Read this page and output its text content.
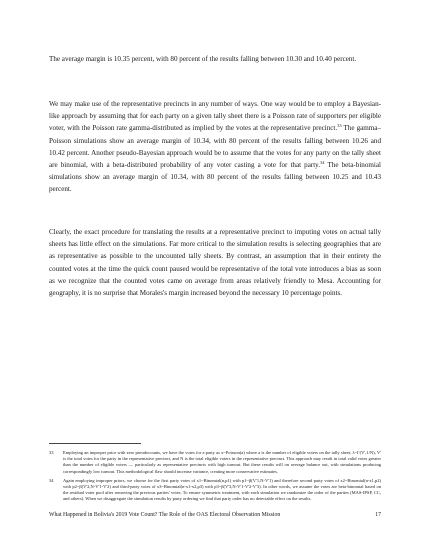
The average margin is 10.35 percent, with 80 percent of the results falling between 10.30 and 10.40 percent.

We may make use of the representative precincts in any number of ways. One way would be to employ a Bayesian-like approach by assuming that for each party on a given tally sheet there is a Poisson rate of supporters per eligible voter, with the Poisson rate gamma-distributed as implied by the votes at the representative precinct.$^{33}$ The gamma–Poisson simulations show an average margin of 10.34, with 80 percent of the results falling between 10.26 and 10.42 percent. Another pseudo-Bayesian approach would be to assume that the votes for any party on the tally sheet are binomial, with a beta-distributed probability of any voter casting a vote for that party.$^{34}$ The beta-binomial simulations show an average margin of 10.34, with 80 percent of the results falling between 10.25 and 10.43 percent.

Clearly, the exact procedure for translating the results at a representative precinct to imputing votes on actual tally sheets has little effect on the simulations. Far more critical to the simulation results is selecting geographies that are as representative as possible to the uncounted tally sheets. By contrast, an assumption that in their entirety the counted votes at the time the quick count paused would be representative of the total vote introduces a bias as soon as we recognize that the counted votes came on average from areas relatively friendly to Mesa. Accounting for geography, it is no surprise that Morales's margin increased beyond the necessary 10 percentage points.

33	Employing an improper prior with zero pseudocounts, we have the votes for a party as x~Poisson(a) where a is the number of eligible voters on the tally sheet, λ~Γ(V',1/N), V' is the total votes for the party in the representative precinct, and N is the total eligible voters in the representative precinct. This approach may result in total valid votes greater than the number of eligible voters — particularly as representative precincts with high turnout. But these results will on average balance out, with simulations producing correspondingly low turnout. This methodological flaw should increase variance, creating more conservative estimates.
34	Again employing improper priors, we choose for the first party votes of x1~Binomial(n,p1) with p1~β(V'1,N-V'1) and therefore second party votes of x2~Binomial(n-x1,p2) with p2~β(V'2,N-V'1-V'2) and third-party votes of x3~Binomial(n-x1-x2,p3) with p3~β(V'3,N-V'1-V'2-V'3). In other words, we assume the votes are beta-binomial based on the residual voter pool after removing the previous parties' votes. To ensure symmetric treatment, with each simulation we randomize the order of the parties (MAS-IPSP, CC, and others). When we disaggregate the simulation results by party ordering we find that party order has no detectable effect on the results.
What Happened in Bolivia's 2019 Vote Count? The Role of the OAS Electoral Observation Mission	17
